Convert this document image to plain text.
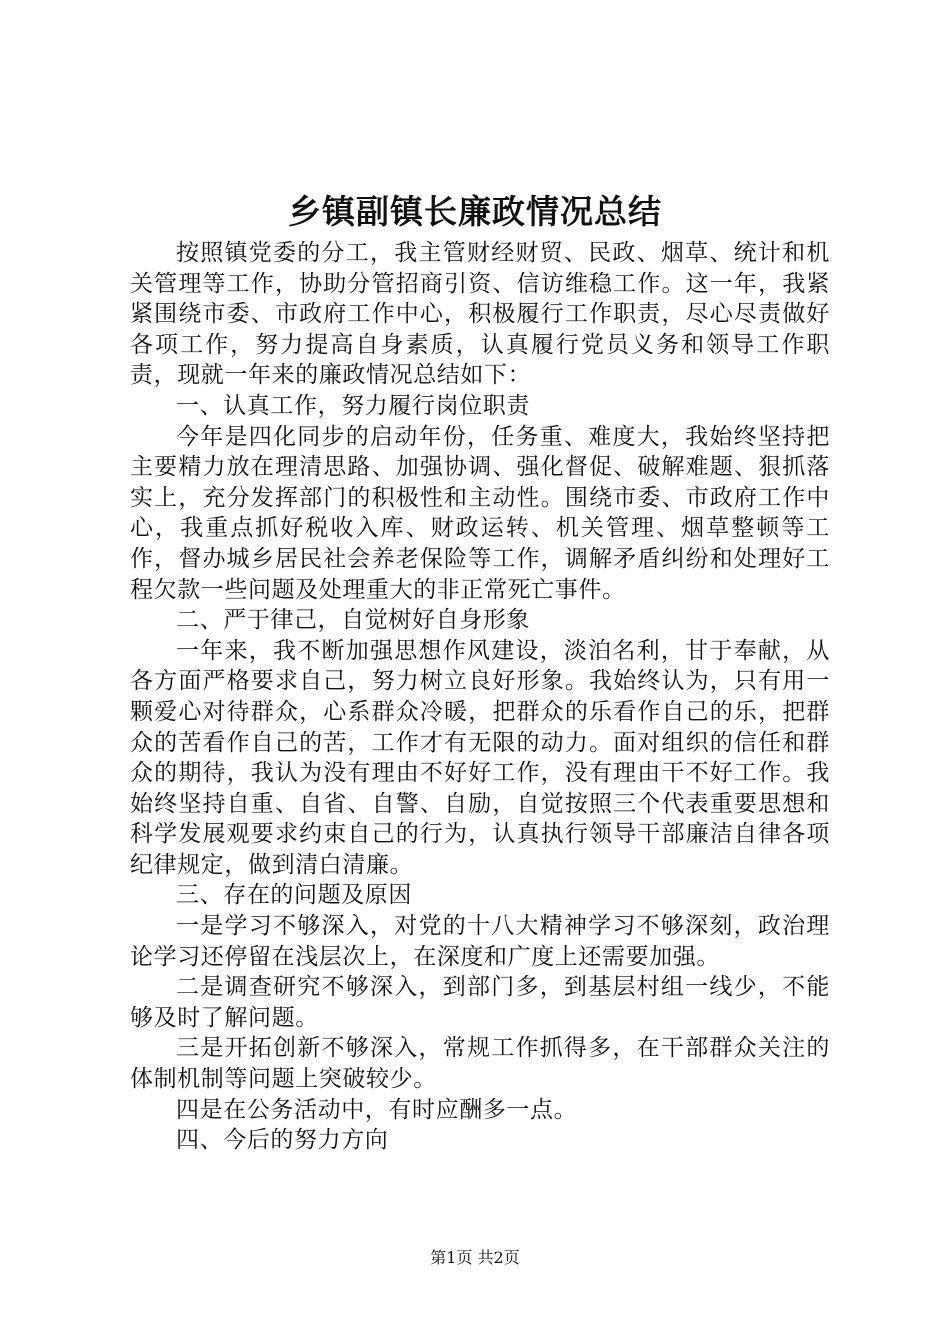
乡镇副镇长廉政情况总结

按照镇党委的分工，我主管财经财贸、民政、烟草、统计和机关管理等工作，协助分管招商引资、信访维稳工作。这一年，我紧紧围绕市委、市政府工作中心，积极履行工作职责，尽心尽责做好各项工作，努力提高自身素质，认真履行党员义务和领导工作职责，现就一年来的廉政情况总结如下：

一、认真工作，努力履行岗位职责

今年是四化同步的启动年份，任务重、难度大，我始终坚持把主要精力放在理清思路、加强协调、强化督促、破解难题、狠抓落实上，充分发挥部门的积极性和主动性。围绕市委、市政府工作中心，我重点抓好税收入库、财政运转、机关管理、烟草整顿等工作，督办城乡居民社会养老保险等工作，调解矛盾纠纷和处理好工程欠款一些问题及处理重大的非正常死亡事件。

二、严于律己，自觉树好自身形象

一年来，我不断加强思想作风建设，淡泊名利，甘于奉献，从各方面严格要求自己，努力树立良好形象。我始终认为，只有用一颗爱心对待群众，心系群众冷暖，把群众的乐看作自己的乐，把群众的苦看作自己的苦，工作才有无限的动力。面对组织的信任和群众的期待，我认为没有理由不好好工作，没有理由干不好工作。我始终坚持自重、自省、自警、自励，自觉按照三个代表重要思想和科学发展观要求约束自己的行为，认真执行领导干部廉洁自律各项纪律规定，做到清白清廉。

三、存在的问题及原因

一是学习不够深入，对党的十八大精神学习不够深刻，政治理论学习还停留在浅层次上，在深度和广度上还需要加强。

二是调查研究不够深入，到部门多，到基层村组一线少，不能够及时了解问题。

三是开拓创新不够深入，常规工作抓得多，在干部群众关注的体制机制等问题上突破较少。

四是在公务活动中，有时应酬多一点。

四、今后的努力方向

第1页 共2页
